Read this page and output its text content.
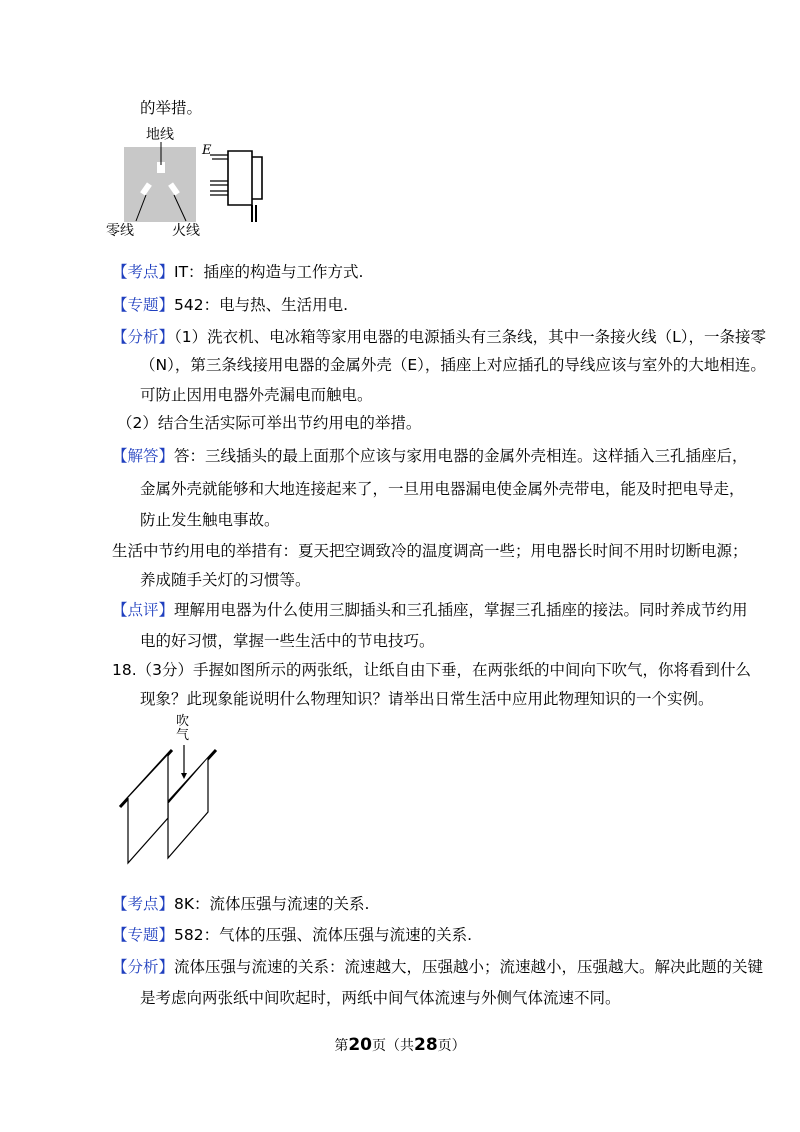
的举措。
地线
零线	火线
E
【考点】IT：插座的构造与工作方式.
【专题】542：电与热、生活用电.
【分析】（1）洗衣机、电冰箱等家用电器的电源插头有三条线，其中一条接火线（L），一条接零
（N），第三条线接用电器的金属外壳（E），插座上对应插孔的导线应该与室外的大地相连。
可防止因用电器外壳漏电而触电。
（2）结合生活实际可举出节约用电的举措。
【解答】答：三线插头的最上面那个应该与家用电器的金属外壳相连。这样插入三孔插座后，
金属外壳就能够和大地连接起来了，一旦用电器漏电使金属外壳带电，能及时把电导走，
防止发生触电事故。
生活中节约用电的举措有：夏天把空调致冷的温度调高一些；用电器长时间不用时切断电源；
养成随手关灯的习惯等。
【点评】理解用电器为什么使用三脚插头和三孔插座，掌握三孔插座的接法。同时养成节约用
电的好习惯，掌握一些生活中的节电技巧。
18.（3分）手握如图所示的两张纸，让纸自由下垂，在两张纸的中间向下吹气，你将看到什么
现象？此现象能说明什么物理知识？请举出日常生活中应用此物理知识的一个实例。
吹
气
【考点】8K：流体压强与流速的关系.
【专题】582：气体的压强、流体压强与流速的关系.
【分析】流体压强与流速的关系：流速越大，压强越小；流速越小，压强越大。解决此题的关键
是考虑向两张纸中间吹起时，两纸中间气体流速与外侧气体流速不同。
第20页（共28页）
